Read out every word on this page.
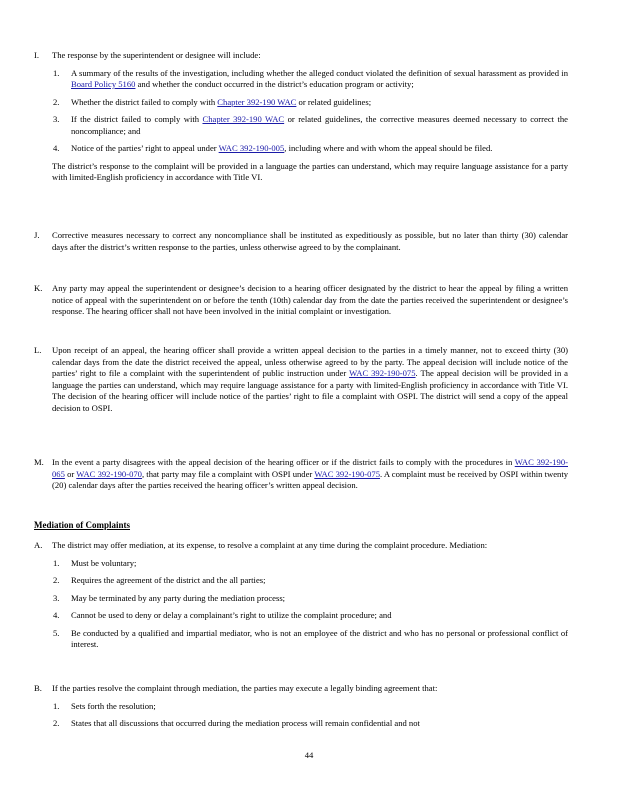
I.	The response by the superintendent or designee will include:
1.	A summary of the results of the investigation, including whether the alleged conduct violated the definition of sexual harassment as provided in Board Policy 5160 and whether the conduct occurred in the district’s education program or activity;
2.	Whether the district failed to comply with Chapter 392-190 WAC or related guidelines;
3.	If the district failed to comply with Chapter 392-190 WAC or related guidelines, the corrective measures deemed necessary to correct the noncompliance; and
4.	Notice of the parties’ right to appeal under WAC 392-190-005, including where and with whom the appeal should be filed.
The district’s response to the complaint will be provided in a language the parties can understand, which may require language assistance for a party with limited-English proficiency in accordance with Title VI.
J.	Corrective measures necessary to correct any noncompliance shall be instituted as expeditiously as possible, but no later than thirty (30) calendar days after the district’s written response to the parties, unless otherwise agreed to by the complainant.
K.	Any party may appeal the superintendent or designee’s decision to a hearing officer designated by the district to hear the appeal by filing a written notice of appeal with the superintendent on or before the tenth (10th) calendar day from the date the parties received the superintendent or designee’s response. The hearing officer shall not have been involved in the initial complaint or investigation.
L.	Upon receipt of an appeal, the hearing officer shall provide a written appeal decision to the parties in a timely manner, not to exceed thirty (30) calendar days from the date the district received the appeal, unless otherwise agreed to by the party. The appeal decision will include notice of the parties’ right to file a complaint with the superintendent of public instruction under WAC 392-190-075. The appeal decision will be provided in a language the parties can understand, which may require language assistance for a party with limited-English proficiency in accordance with Title VI. The decision of the hearing officer will include notice of the parties’ right to file a complaint with OSPI. The district will send a copy of the appeal decision to OSPI.
M. In the event a party disagrees with the appeal decision of the hearing officer or if the district fails to comply with the procedures in WAC 392-190-065 or WAC 392-190-070, that party may file a complaint with OSPI under WAC 392-190-075. A complaint must be received by OSPI within twenty (20) calendar days after the parties received the hearing officer’s written appeal decision.
Mediation of Complaints
A.	The district may offer mediation, at its expense, to resolve a complaint at any time during the complaint procedure. Mediation:
1.	Must be voluntary;
2.	Requires the agreement of the district and the all parties;
3.	May be terminated by any party during the mediation process;
4.	Cannot be used to deny or delay a complainant’s right to utilize the complaint procedure; and
5.	Be conducted by a qualified and impartial mediator, who is not an employee of the district and who has no personal or professional conflict of interest.
B.	If the parties resolve the complaint through mediation, the parties may execute a legally binding agreement that:
1.	Sets forth the resolution;
2.	States that all discussions that occurred during the mediation process will remain confidential and not
44
